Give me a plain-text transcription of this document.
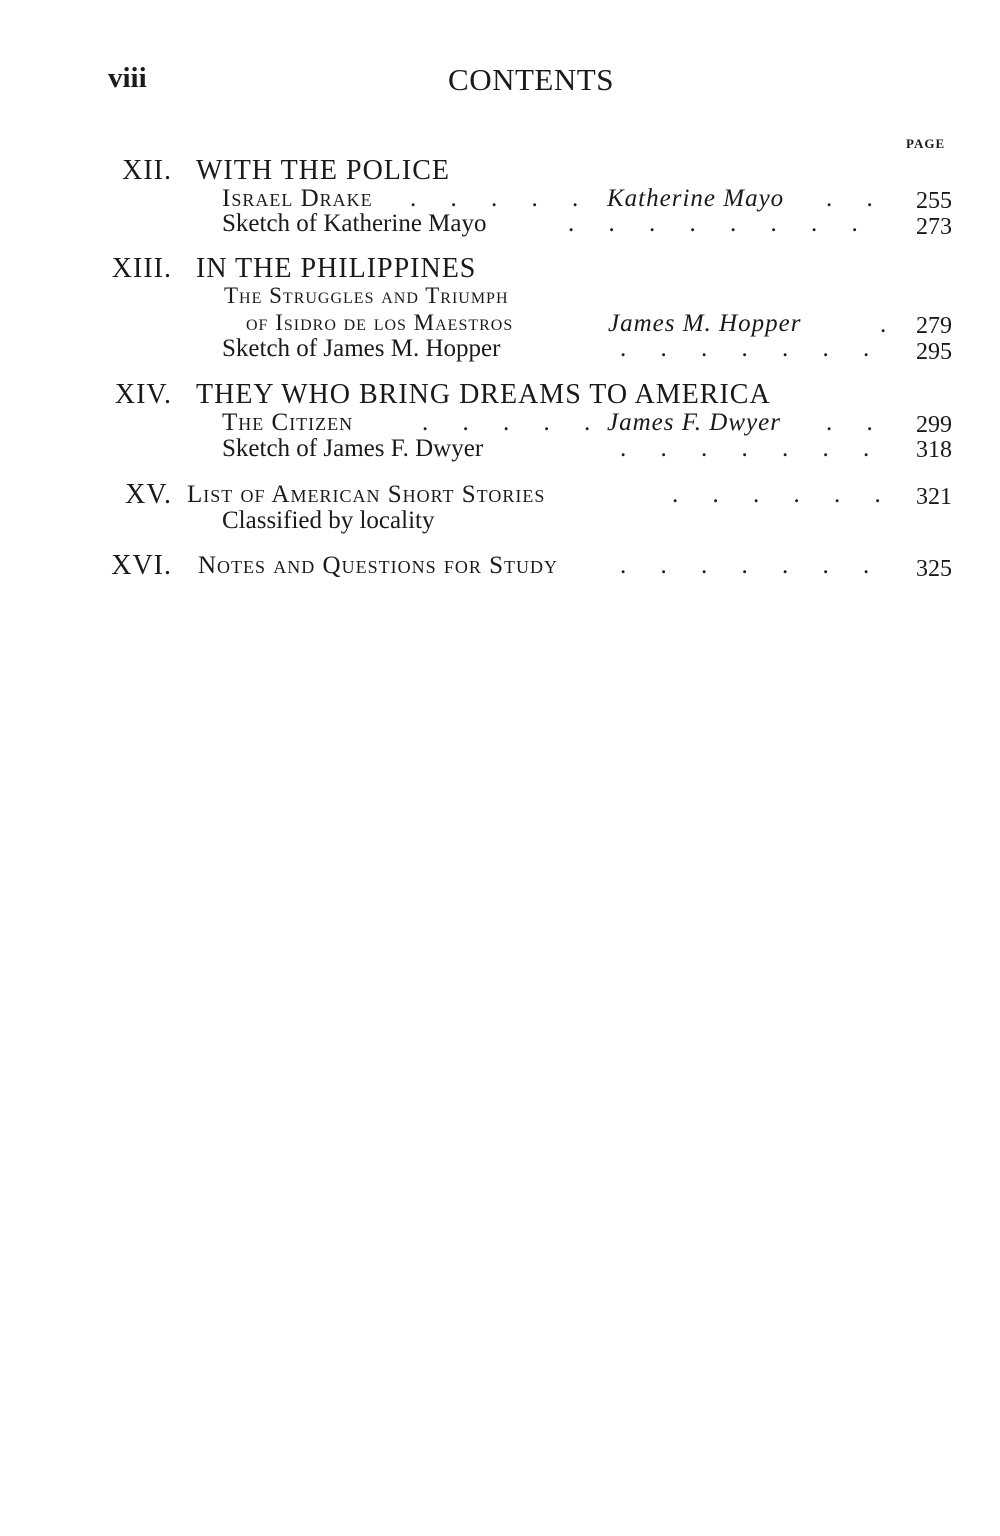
viii	CONTENTS
PAGE
XII. WITH THE POLICE
Israel Drake . . . . . Katherine Mayo . . 255
Sketch of Katherine Mayo	. . . . . . . . 273
XIII. IN THE PHILIPPINES
The Struggles and Triumph
of Isidro de los Maestros	James M. Hopper	. 279
Sketch of James M. Hopper	. . . . . . . 295
XIV. THEY WHO BRING DREAMS TO AMERICA
The Citizen	. . . . . James F. Dwyer . . 299
Sketch of James F. Dwyer	. . . . . . . 318
XV. List of American Short Stories	. . . . . . 321
Classified by locality
XVI. Notes and Questions for Study . . . . . . . 325
